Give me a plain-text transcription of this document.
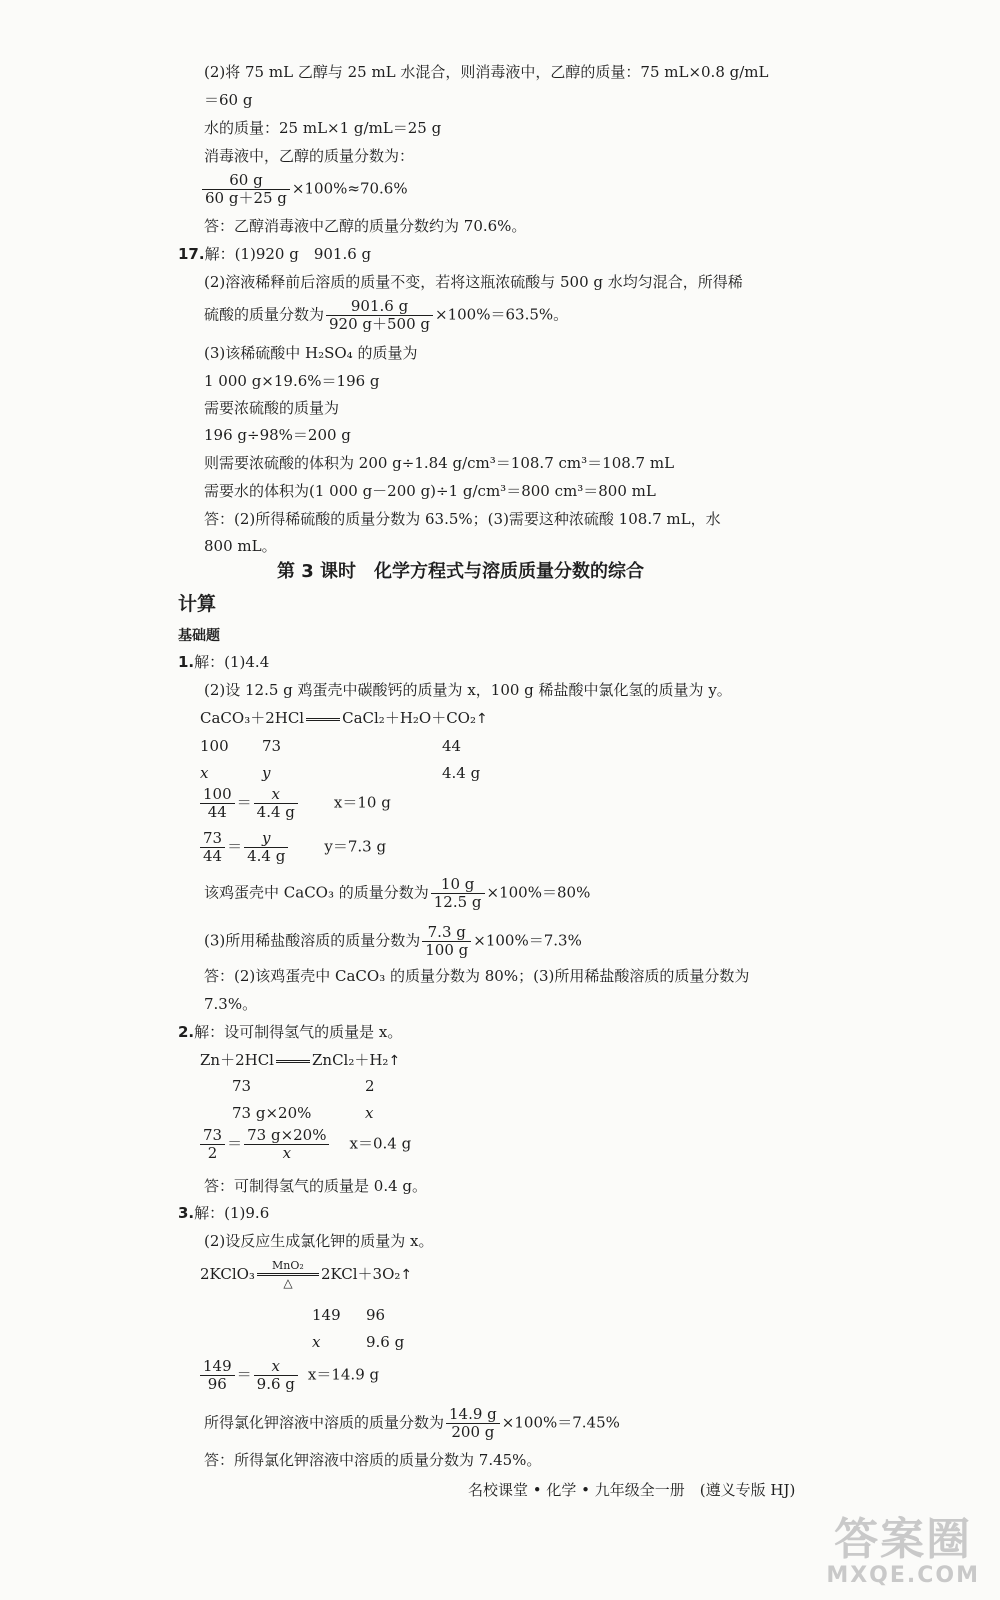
(2)将 75 mL 乙醇与 25 mL 水混合，则消毒液中，乙醇的质量：75 mL×0.8 g/mL
＝60 g
水的质量：25 mL×1 g/mL＝25 g
消毒液中，乙醇的质量分数为：
$\frac{60 g}{60 g+25 g} \times 100\%\approx 70.6\%$
答：乙醇消毒液中乙醇的质量分数约为 70.6%。
17.解：(1)920 g　901.6 g
(2)溶液稀释前后溶质的质量不变，若将这瓶浓硫酸与 500 g 水均匀混合，所得稀
硫酸的质量分数为 $\frac{901.6 g}{920 g+500 g} \times 100\%=63.5\%$。
(3)该稀硫酸中 H₂SO₄ 的质量为
1 000 g×19.6%＝196 g
需要浓硫酸的质量为
196 g÷98%＝200 g
则需要浓硫酸的体积为 200 g÷1.84 g/cm³＝108.7 cm³＝108.7 mL
需要水的体积为(1 000 g－200 g)÷1 g/cm³＝800 cm³＝800 mL
答：(2)所得稀硫酸的质量分数为 63.5%；(3)需要这种浓硫酸 108.7 mL，水
800 mL。
第 3 课时　化学方程式与溶质质量分数的综合
计算
基础题
1.解：(1)4.4
(2)设 12.5 g 鸡蛋壳中碳酸钙的质量为 x，100 g 稀盐酸中氯化氢的质量为 y。
CaCO₃＋2HCl	CaCl₂＋H₂O＋CO₂↑
100 73	44
x	y	4.4 g
$\frac{100}{44} = \frac{x}{4.4 g} x=10$ g
$\frac{73}{44} = \frac{y}{4.4 g} y=7.3$ g
该鸡蛋壳中 CaCO₃ 的质量分数为 $\frac{10 g}{12.5 g} \times 100\%=80\%$
(3)所用稀盐酸溶质的质量分数为 $\frac{7.3 g}{100 g} \times 100\%=7.3\%$
答：(2)该鸡蛋壳中 CaCO₃ 的质量分数为 80%；(3)所用稀盐酸溶质的质量分数为
7.3%。
2.解：设可制得氢气的质量是 x。
Zn＋2HCl	ZnCl₂＋H₂↑
73	2
73 g×20%	x
$\frac{73}{2} = \frac{73 g\times 20\%}{x} x=0.4$ g
答：可制得氢气的质量是 0.4 g。
3.解：(1)9.6
(2)设反应生成氯化钾的质量为 x。
2KClO₃	MnO₂
△	2KCl＋3O₂↑
149 96
x	9.6 g
$\frac{149}{96} = \frac{x}{9.6 g} x=14.9$ g
所得氯化钾溶液中溶质的质量分数为 $\frac{14.9 g}{200 g} \times 100\%=7.45\%$
答：所得氯化钾溶液中溶质的质量分数为 7.45%。
名校课堂 • 化学 • 九年级全一册　(遵义专版 HJ)
答案圈
MXQE.COM
